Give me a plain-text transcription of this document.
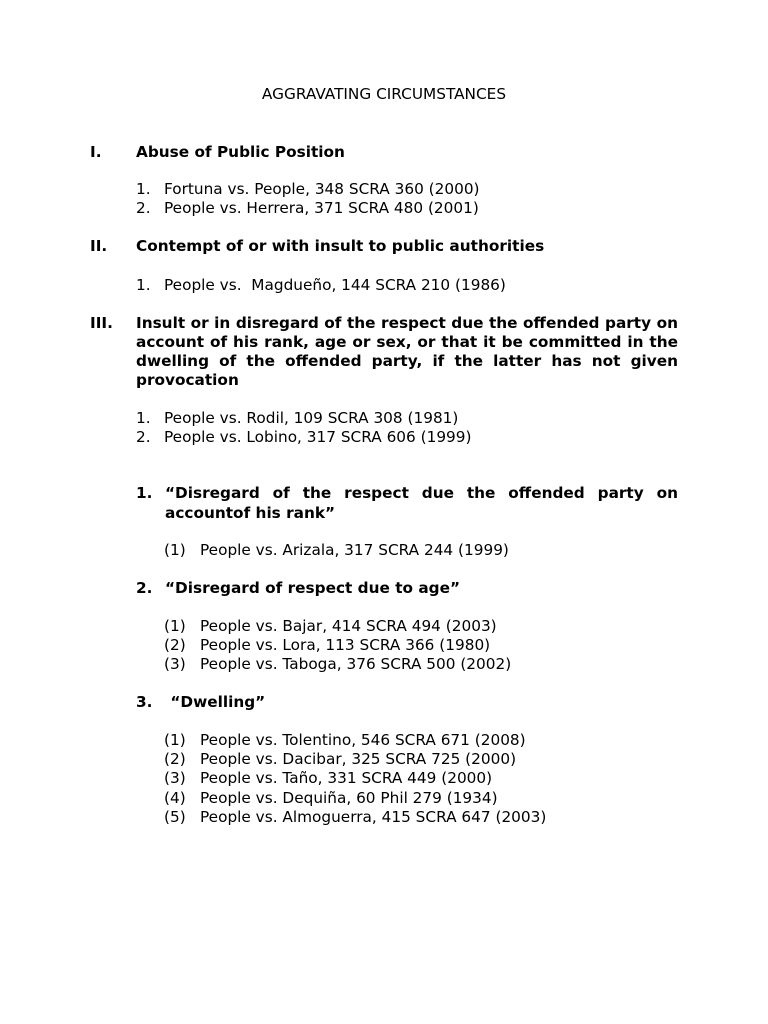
AGGRAVATING CIRCUMSTANCES
I. Abuse of Public Position
1. Fortuna vs. People, 348 SCRA 360 (2000)
2. People vs. Herrera, 371 SCRA 480 (2001)
II. Contempt of or with insult to public authorities
1. People vs.  Magdueño, 144 SCRA 210 (1986)
III. Insult or in disregard of the respect due the offended party on account of his rank, age or sex, or that it be committed in the dwelling of the offended party, if the latter has not given provocation
1. People vs. Rodil, 109 SCRA 308 (1981)
2. People vs. Lobino, 317 SCRA 606 (1999)
1. “Disregard of the respect due the offended party on accountof his rank”
(1) People vs. Arizala, 317 SCRA 244 (1999)
2. “Disregard of respect due to age”
(1) People vs. Bajar, 414 SCRA 494 (2003)
(2) People vs. Lora, 113 SCRA 366 (1980)
(3) People vs. Taboga, 376 SCRA 500 (2002)
3. “Dwelling”
(1) People vs. Tolentino, 546 SCRA 671 (2008)
(2) People vs. Dacibar, 325 SCRA 725 (2000)
(3) People vs. Taño, 331 SCRA 449 (2000)
(4) People vs. Dequiña, 60 Phil 279 (1934)
(5) People vs. Almoguerra, 415 SCRA 647 (2003)
